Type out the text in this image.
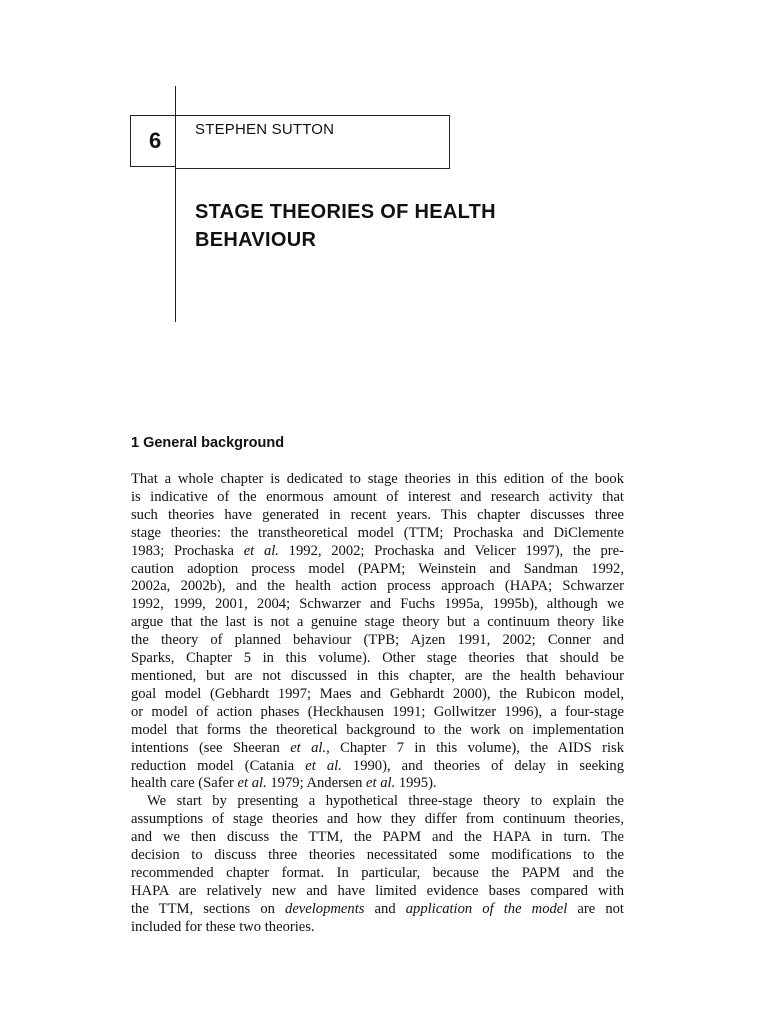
6 STEPHEN SUTTON
STAGE THEORIES OF HEALTH
BEHAVIOUR
1 General background
That a whole chapter is dedicated to stage theories in this edition of the book
is indicative of the enormous amount of interest and research activity that
such theories have generated in recent years. This chapter discusses three
stage theories: the transtheoretical model (TTM; Prochaska and DiClemente
1983; Prochaska et al. 1992, 2002; Prochaska and Velicer 1997), the pre-
caution adoption process model (PAPM; Weinstein and Sandman 1992,
2002a, 2002b), and the health action process approach (HAPA; Schwarzer
1992, 1999, 2001, 2004; Schwarzer and Fuchs 1995a, 1995b), although we
argue that the last is not a genuine stage theory but a continuum theory like
the theory of planned behaviour (TPB; Ajzen 1991, 2002; Conner and
Sparks, Chapter 5 in this volume). Other stage theories that should be
mentioned, but are not discussed in this chapter, are the health behaviour
goal model (Gebhardt 1997; Maes and Gebhardt 2000), the Rubicon model,
or model of action phases (Heckhausen 1991; Gollwitzer 1996), a four-stage
model that forms the theoretical background to the work on implementation
intentions (see Sheeran et al., Chapter 7 in this volume), the AIDS risk
reduction model (Catania et al. 1990), and theories of delay in seeking
health care (Safer et al. 1979; Andersen et al. 1995).
We start by presenting a hypothetical three-stage theory to explain the
assumptions of stage theories and how they differ from continuum theories,
and we then discuss the TTM, the PAPM and the HAPA in turn. The
decision to discuss three theories necessitated some modifications to the
recommended chapter format. In particular, because the PAPM and the
HAPA are relatively new and have limited evidence bases compared with
the TTM, sections on developments and application of the model are not
included for these two theories.
